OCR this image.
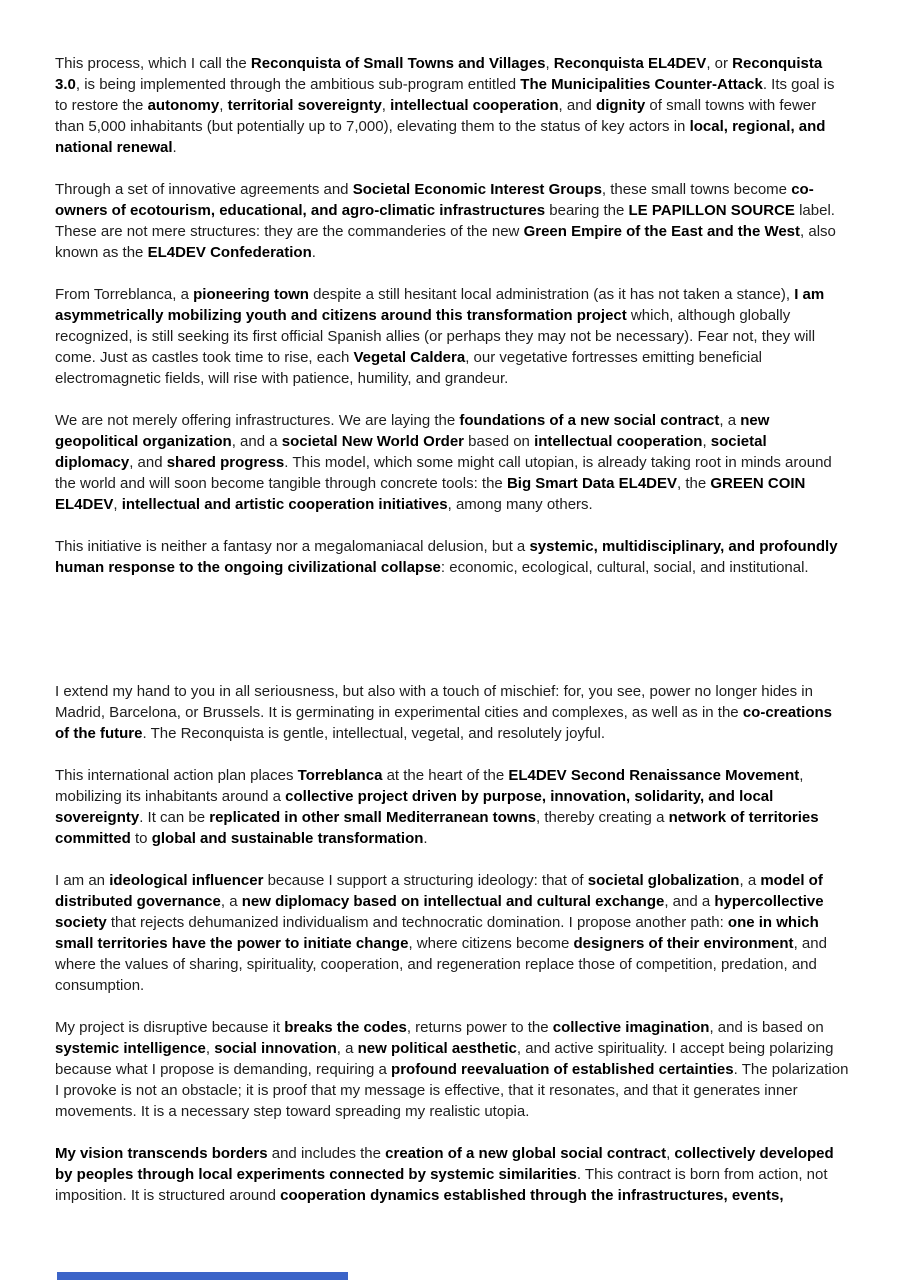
This process, which I call the Reconquista of Small Towns and Villages, Reconquista EL4DEV, or Reconquista 3.0, is being implemented through the ambitious sub-program entitled The Municipalities Counter-Attack. Its goal is to restore the autonomy, territorial sovereignty, intellectual cooperation, and dignity of small towns with fewer than 5,000 inhabitants (but potentially up to 7,000), elevating them to the status of key actors in local, regional, and national renewal.

Through a set of innovative agreements and Societal Economic Interest Groups, these small towns become co-owners of ecotourism, educational, and agro-climatic infrastructures bearing the LE PAPILLON SOURCE label. These are not mere structures: they are the commanderies of the new Green Empire of the East and the West, also known as the EL4DEV Confederation.

From Torreblanca, a pioneering town despite a still hesitant local administration (as it has not taken a stance), I am asymmetrically mobilizing youth and citizens around this transformation project which, although globally recognized, is still seeking its first official Spanish allies (or perhaps they may not be necessary). Fear not, they will come. Just as castles took time to rise, each Vegetal Caldera, our vegetative fortresses emitting beneficial electromagnetic fields, will rise with patience, humility, and grandeur.

We are not merely offering infrastructures. We are laying the foundations of a new social contract, a new geopolitical organization, and a societal New World Order based on intellectual cooperation, societal diplomacy, and shared progress. This model, which some might call utopian, is already taking root in minds around the world and will soon become tangible through concrete tools: the Big Smart Data EL4DEV, the GREEN COIN EL4DEV, intellectual and artistic cooperation initiatives, among many others.

This initiative is neither a fantasy nor a megalomaniacal delusion, but a systemic, multidisciplinary, and profoundly human response to the ongoing civilizational collapse: economic, ecological, cultural, social, and institutional.

I extend my hand to you in all seriousness, but also with a touch of mischief: for, you see, power no longer hides in Madrid, Barcelona, or Brussels. It is germinating in experimental cities and complexes, as well as in the co-creations of the future. The Reconquista is gentle, intellectual, vegetal, and resolutely joyful.

This international action plan places Torreblanca at the heart of the EL4DEV Second Renaissance Movement, mobilizing its inhabitants around a collective project driven by purpose, innovation, solidarity, and local sovereignty. It can be replicated in other small Mediterranean towns, thereby creating a network of territories committed to global and sustainable transformation.

I am an ideological influencer because I support a structuring ideology: that of societal globalization, a model of distributed governance, a new diplomacy based on intellectual and cultural exchange, and a hypercollective society that rejects dehumanized individualism and technocratic domination. I propose another path: one in which small territories have the power to initiate change, where citizens become designers of their environment, and where the values of sharing, spirituality, cooperation, and regeneration replace those of competition, predation, and consumption.

My project is disruptive because it breaks the codes, returns power to the collective imagination, and is based on systemic intelligence, social innovation, a new political aesthetic, and active spirituality. I accept being polarizing because what I propose is demanding, requiring a profound reevaluation of established certainties. The polarization I provoke is not an obstacle; it is proof that my message is effective, that it resonates, and that it generates inner movements. It is a necessary step toward spreading my realistic utopia.

My vision transcends borders and includes the creation of a new global social contract, collectively developed by peoples through local experiments connected by systemic similarities. This contract is born from action, not imposition. It is structured around cooperation dynamics established through the infrastructures, events,
